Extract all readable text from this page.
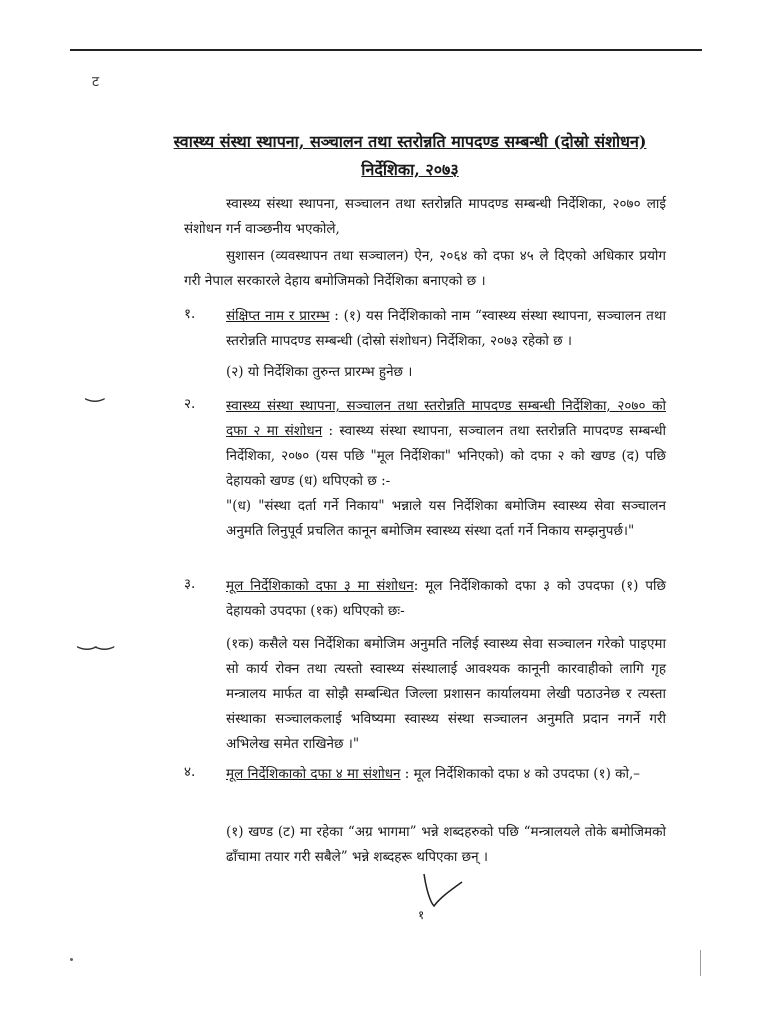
ट
स्वास्थ्य संस्था स्थापना, सञ्चालन तथा स्तरोन्नति मापदण्ड सम्बन्धी (दोस्रो संशोधन)
निर्देशिका, २०७३
स्वास्थ्य संस्था स्थापना, सञ्चालन तथा स्तरोन्नति मापदण्ड सम्बन्धी निर्देशिका, २०७० लाई संशोधन गर्न वाञ्छनीय भएकोले,
सुशासन (व्यवस्थापन तथा सञ्चालन) ऐन, २०६४ को दफा ४५ ले दिएको अधिकार प्रयोग गरी नेपाल सरकारले देहाय बमोजिमको निर्देशिका बनाएको छ ।
१. संक्षिप्त नाम र प्रारम्भ : (१) यस निर्देशिकाको नाम “स्वास्थ्य संस्था स्थापना, सञ्चालन तथा स्तरोन्नति मापदण्ड सम्बन्धी (दोस्रो संशोधन) निर्देशिका, २०७३ रहेको छ ।
(२) यो निर्देशिका तुरुन्त प्रारम्भ हुनेछ ।
‿
२. स्वास्थ्य संस्था स्थापना, सञ्चालन तथा स्तरोन्नति मापदण्ड सम्बन्धी निर्देशिका, २०७० को दफा २ मा संशोधन : स्वास्थ्य संस्था स्थापना, सञ्चालन तथा स्तरोन्नति मापदण्ड सम्बन्धी निर्देशिका, २०७० (यस पछि "मूल निर्देशिका" भनिएको) को दफा २ को खण्ड (द) पछि देहायको खण्ड (ध) थपिएको छ :-
"(ध) "संस्था दर्ता गर्ने निकाय" भन्नाले यस निर्देशिका बमोजिम स्वास्थ्य सेवा सञ्चालन अनुमति लिनुपूर्व प्रचलित कानून बमोजिम स्वास्थ्य संस्था दर्ता गर्ने निकाय सम्झनुपर्छ।"
३. मूल निर्देशिकाको दफा ३ मा संशोधन: मूल निर्देशिकाको दफा ३ को उपदफा (१) पछि देहायको उपदफा (१क) थपिएको छः-
(१क) कसैले यस निर्देशिका बमोजिम अनुमति नलिई स्वास्थ्य सेवा सञ्चालन गरेको पाइएमा सो कार्य रोक्न तथा त्यस्तो स्वास्थ्य संस्थालाई आवश्यक कानूनी कारवाहीको लागि गृह मन्त्रालय मार्फत वा सोझै सम्बन्धित जिल्ला प्रशासन कार्यालयमा लेखी पठाउनेछ र त्यस्ता संस्थाका सञ्चालकलाई भविष्यमा स्वास्थ्य संस्था सञ्चालन अनुमति प्रदान नगर्ने गरी अभिलेख समेत राखिनेछ ।"
‿‿
४. मूल निर्देशिकाको दफा ४ मा संशोधन : मूल निर्देशिकाको दफा ४ को उपदफा (१) को,–
(१) खण्ड (ट) मा रहेका “अग्र भागमा” भन्ने शब्दहरुको पछि “मन्त्रालयले तोके बमोजिमको ढाँचामा तयार गरी सबैले” भन्ने शब्दहरू थपिएका छन् ।
१
